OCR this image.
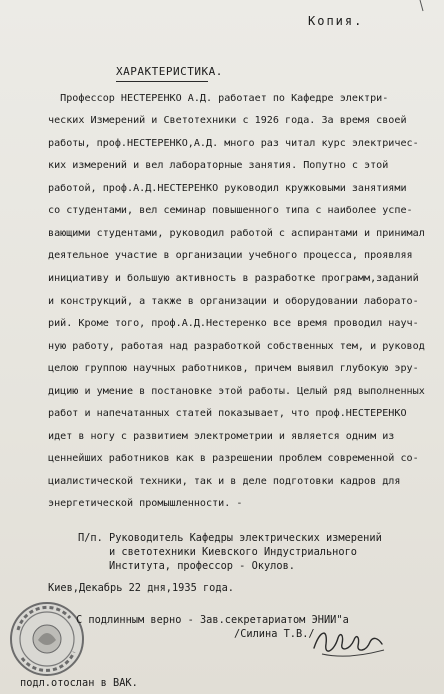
Копия.
ХАРАКТЕРИСТИКА.
Профессор НЕСТЕРЕНКО А.Д. работает по Кафедре электри-
ческих Измерений и Светотехники с 1926 года. За время своей
работы, проф.НЕСТЕРЕНКО,А.Д. много раз читал курс электричес-
ких измерений и вел лабораторные занятия. Попутно с этой
работой, проф.А.Д.НЕСТЕРЕНКО руководил кружковыми занятиями
со студентами, вел семинар повышенного типа с наиболее успе-
вающими студентами, руководил работой с аспирантами и принимал
деятельное участие в организации учебного процесса, проявляя
инициативу и большую активность в разработке программ,заданий
и конструкций, а также в организации и оборудовании лаборато-
рий. Кроме того, проф.А.Д.Нестеренко все время проводил науч-
ную работу, работая над разработкой собственных тем, и руковод
целою группою научных работников, причем выявил глубокую эру-
дицию и умение в постановке этой работы. Целый ряд выполненных
работ и напечатанных статей показывает, что проф.НЕСТЕРЕНКО
идет в ногу с развитием электрометрии и является одним из
ценнейших работников как в разрешении проблем современной со-
циалистической техники, так и в деле подготовки кадров для
энергетической промышленности. -
П/п. Руководитель Кафедры электрических измерений
и светотехники Киевского Индустриального
Института, профессор - Окулов.
Киев,Декабрь 22 дня,1935 года.
С подлинным верно - Зав.секретариатом ЭНИИ"а
/Силина Т.В./
подл.отослан в ВАК.
